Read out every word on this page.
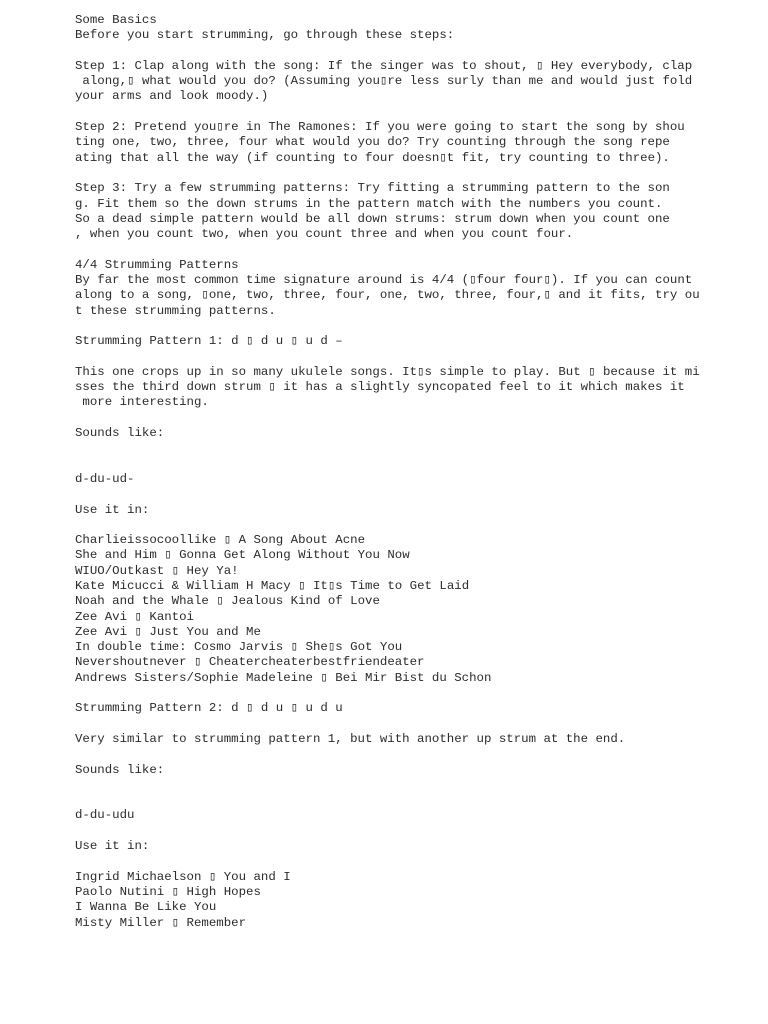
Some Basics
Before you start strumming, go through these steps:
Step 1: Clap along with the song: If the singer was to shout, ▯ Hey everybody, clap
along,▯ what would you do? (Assuming you▯re less surly than me and would just fold
your arms and look moody.)
Step 2: Pretend you▯re in The Ramones: If you were going to start the song by shou
ting one, two, three, four what would you do? Try counting through the song repe
ating that all the way (if counting to four doesn▯t fit, try counting to three).
Step 3: Try a few strumming patterns: Try fitting a strumming pattern to the son
g. Fit them so the down strums in the pattern match with the numbers you count.
So a dead simple pattern would be all down strums: strum down when you count one
, when you count two, when you count three and when you count four.
4/4 Strumming Patterns
By far the most common time signature around is 4/4 (▯four four▯). If you can count
along to a song, ▯one, two, three, four, one, two, three, four,▯ and it fits, try ou
t these strumming patterns.
Strumming Pattern 1: d ▯ d u ▯ u d –
This one crops up in so many ukulele songs. It▯s simple to play. But ▯ because it mi
sses the third down strum ▯ it has a slightly syncopated feel to it which makes it
more interesting.
Sounds like:
d-du-ud-
Use it in:
Charlieissocoollike ▯ A Song About Acne
She and Him ▯ Gonna Get Along Without You Now
WIUO/Outkast ▯ Hey Ya!
Kate Micucci & William H Macy ▯ It▯s Time to Get Laid
Noah and the Whale ▯ Jealous Kind of Love
Zee Avi ▯ Kantoi
Zee Avi ▯ Just You and Me
In double time: Cosmo Jarvis ▯ She▯s Got You
Nevershoutnever ▯ Cheatercheaterbestfriendeater
Andrews Sisters/Sophie Madeleine ▯ Bei Mir Bist du Schon
Strumming Pattern 2: d ▯ d u ▯ u d u
Very similar to strumming pattern 1, but with another up strum at the end.
Sounds like:
d-du-udu
Use it in:
Ingrid Michaelson ▯ You and I
Paolo Nutini ▯ High Hopes
I Wanna Be Like You
Misty Miller ▯ Remember
